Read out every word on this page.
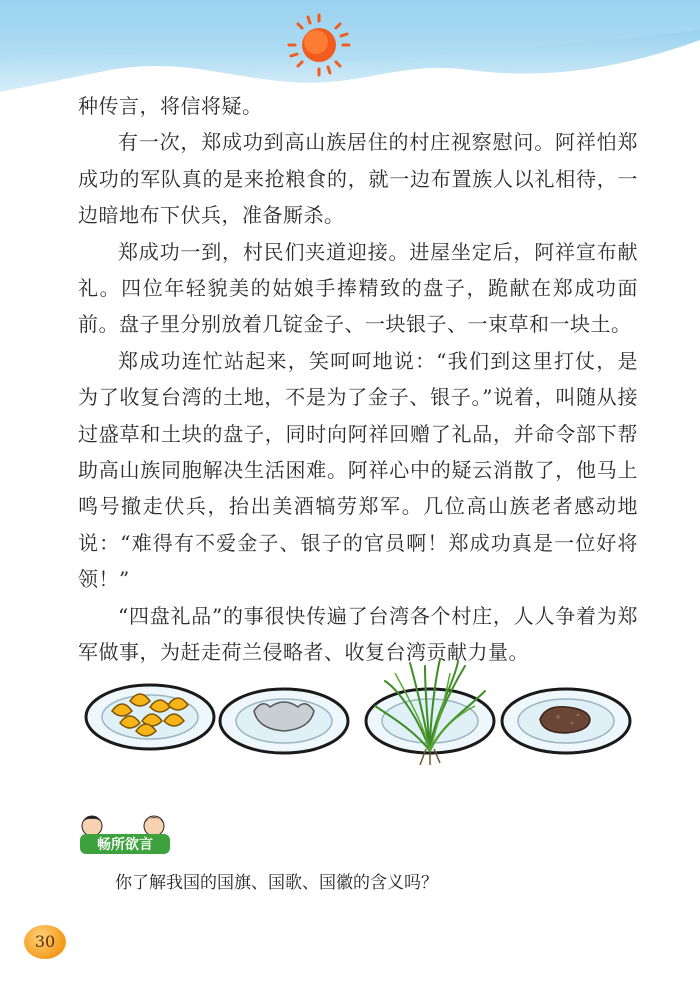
种传言，将信将疑。

有一次，郑成功到高山族居住的村庄视察慰问。阿祥怕郑成功的军队真的是来抢粮食的，就一边布置族人以礼相待，一边暗地布下伏兵，准备厮杀。

郑成功一到，村民们夹道迎接。进屋坐定后，阿祥宣布献礼。四位年轻貌美的姑娘手捧精致的盘子，跪献在郑成功面前。盘子里分别放着几锭金子、一块银子、一束草和一块土。

郑成功连忙站起来，笑呵呵地说：“我们到这里打仗，是为了收复台湾的土地，不是为了金子、银子。”说着，叫随从接过盛草和土块的盘子，同时向阿祥回赠了礼品，并命令部下帮助高山族同胞解决生活困难。阿祥心中的疑云消散了，他马上鸣号撤走伏兵，抬出美酒犒劳郑军。几位高山族老者感动地说：“难得有不爱金子、银子的官员啊！郑成功真是一位好将领！”

“四盘礼品”的事很快传遍了台湾各个村庄，人人争着为郑军做事，为赶走荷兰侵略者、收复台湾贡献力量。

畅所欲言
你了解我国的国旗、国歌、国徽的含义吗？
30
